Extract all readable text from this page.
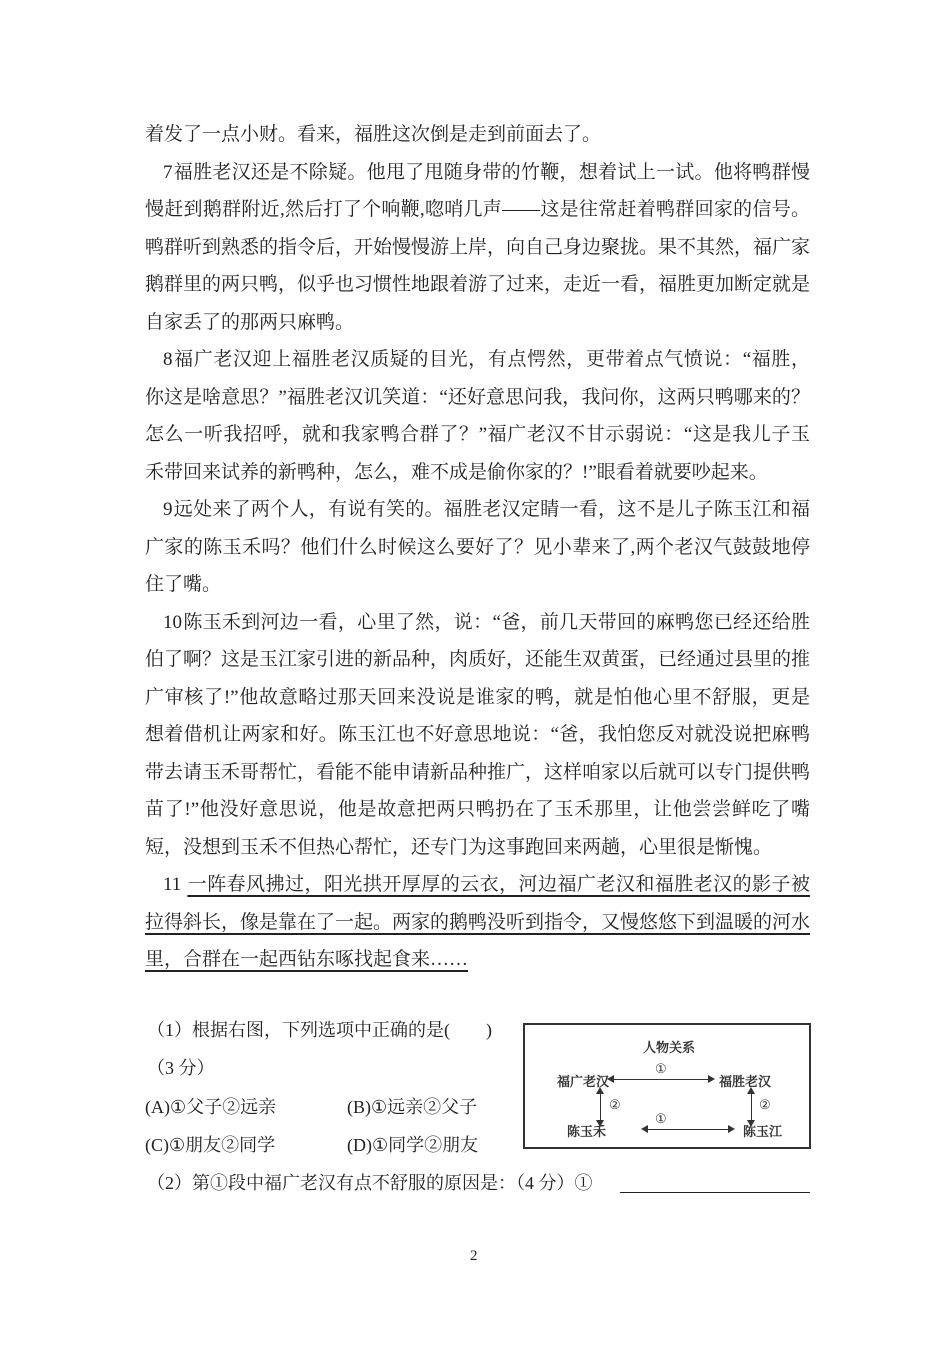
着发了一点小财。看来，福胜这次倒是走到前面去了。
7福胜老汉还是不除疑。他甩了甩随身带的竹鞭，想着试上一试。他将鸭群慢
慢赶到鹅群附近,然后打了个响鞭,唿哨几声——这是往常赶着鸭群回家的信号。
鸭群听到熟悉的指令后，开始慢慢游上岸，向自己身边聚拢。果不其然，福广家
鹅群里的两只鸭，似乎也习惯性地跟着游了过来，走近一看，福胜更加断定就是
自家丢了的那两只麻鸭。
8福广老汉迎上福胜老汉质疑的目光，有点愕然，更带着点气愤说：“福胜，
你这是啥意思？”福胜老汉讥笑道：“还好意思问我，我问你，这两只鸭哪来的？
怎么一听我招呼，就和我家鸭合群了？”福广老汉不甘示弱说：“这是我儿子玉
禾带回来试养的新鸭种，怎么，难不成是偷你家的？!”眼看着就要吵起来。
9远处来了两个人，有说有笑的。福胜老汉定睛一看，这不是儿子陈玉江和福
广家的陈玉禾吗？他们什么时候这么要好了？见小辈来了,两个老汉气鼓鼓地停
住了嘴。
10陈玉禾到河边一看，心里了然，说：“爸，前几天带回的麻鸭您已经还给胜
伯了啊？这是玉江家引进的新品种，肉质好，还能生双黄蛋，已经通过县里的推
广审核了!”他故意略过那天回来没说是谁家的鸭，就是怕他心里不舒服，更是
想着借机让两家和好。陈玉江也不好意思地说：“爸，我怕您反对就没说把麻鸭
带去请玉禾哥帮忙，看能不能申请新品种推广，这样咱家以后就可以专门提供鸭
苗了!”他没好意思说，他是故意把两只鸭扔在了玉禾那里，让他尝尝鲜吃了嘴
短，没想到玉禾不但热心帮忙，还专门为这事跑回来两趟，心里很是惭愧。
11 一阵春风拂过，阳光拱开厚厚的云衣，河边福广老汉和福胜老汉的影子被
拉得斜长，像是靠在了一起。两家的鹅鸭没听到指令，又慢悠悠下到温暖的河水
里，合群在一起西钻东啄找起食来……
（1）根据右图，下列选项中正确的是(　　)
（3 分）
(A)①父子②远亲	(B)①远亲②父子
(C)①朋友②同学	(D)①同学②朋友
（2）第①段中福广老汉有点不舒服的原因是：（4 分）①
人物关系
福广老汉	福胜老汉
陈玉禾	陈玉江
①
①
②	②
2
